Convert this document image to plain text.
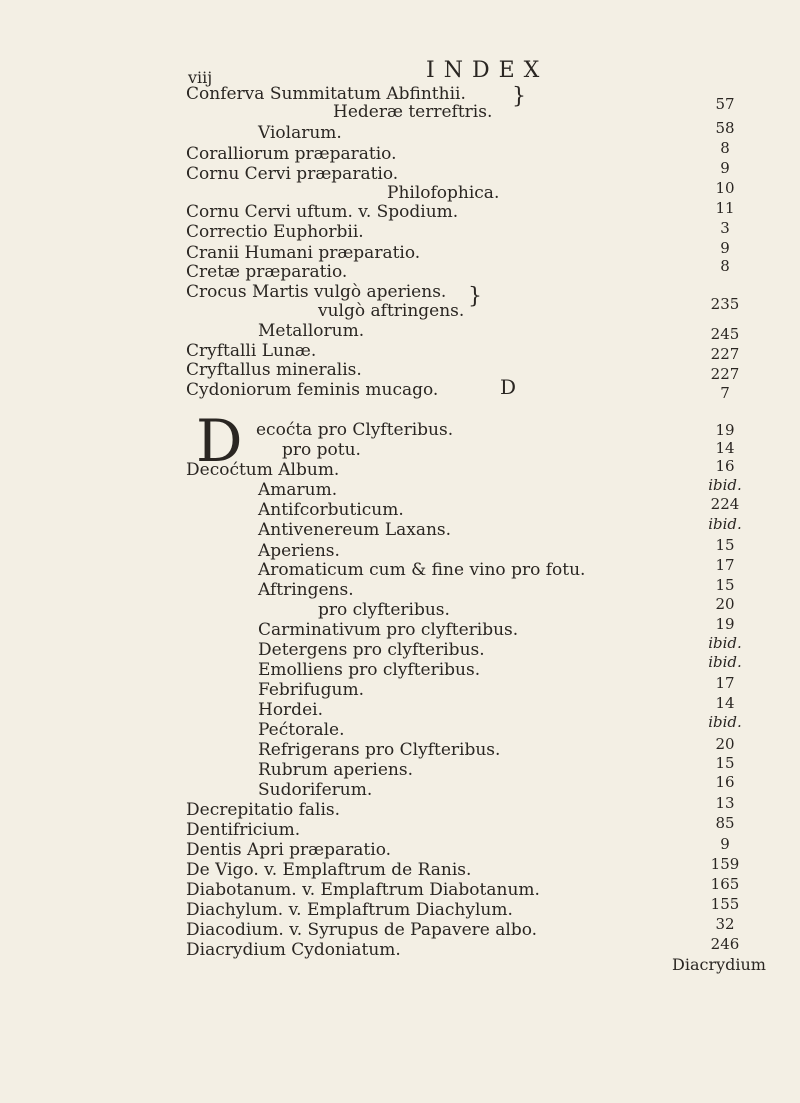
viij	INDEX
}
}
Conferva Summitatum Abfinthii.
Hederæ terreftris.
Violarum.
Coralliorum præparatio.
Cornu Cervi præparatio.
Philofophica.
Cornu Cervi uftum. v. Spodium.
Correctio Euphorbii.
Cranii Humani præparatio.
Cretæ præparatio.
Crocus Martis vulgò aperiens.
vulgò aftringens.
Metallorum.
Cryftalli Lunæ.
Cryftallus mineralis.
Cydoniorum feminis mucago.	D
D ecoćta pro Clyfteribus.
pro potu.
Decoćtum Album.
Amarum.
Antifcorbuticum.
Antivenereum Laxans.
Aperiens.
Aromaticum cum & fine vino pro fotu.
Aftringens.
pro clyfteribus.
Carminativum pro clyfteribus.
Detergens pro clyfteribus.
Emolliens pro clyfteribus.
Febrifugum.
Hordei.
Pećtorale.
Refrigerans pro Clyfteribus.
Rubrum aperiens.
Sudoriferum.
Decrepitatio falis.
Dentifricium.
Dentis Apri præparatio.
De Vigo. v. Emplaftrum de Ranis.
Diabotanum. v. Emplaftrum Diabotanum.
Diachylum. v. Emplaftrum Diachylum.
Diacodium. v. Syrupus de Papavere albo.
Diacrydium Cydoniatum.
57
58
8
9
10
11
3
9
8
235
245
227
227
7
19
14
16
ibid.
224
ibid.
15
17
15
20
19
ibid.
ibid.
17
14
ibid.
20
15
16
13
85
9
159
165
155
32
246
Diacrydium
